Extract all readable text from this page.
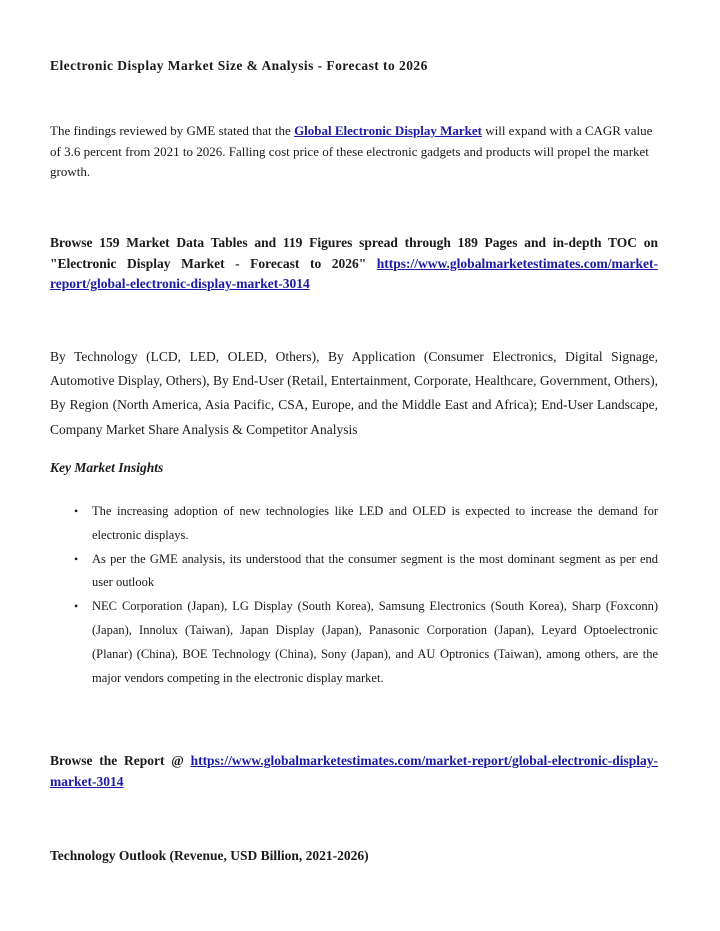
Electronic Display Market Size & Analysis - Forecast to 2026

The findings reviewed by GME stated that the Global Electronic Display Market will expand with a CAGR value of 3.6 percent from 2021 to 2026. Falling cost price of these electronic gadgets and products will propel the market growth.

Browse 159 Market Data Tables and 119 Figures spread through 189 Pages and in-depth TOC on "Electronic Display Market - Forecast to 2026" https://www.globalmarketestimates.com/market-report/global-electronic-display-market-3014

By Technology (LCD, LED, OLED, Others), By Application (Consumer Electronics, Digital Signage, Automotive Display, Others), By End-User (Retail, Entertainment, Corporate, Healthcare, Government, Others), By Region (North America, Asia Pacific, CSA, Europe, and the Middle East and Africa); End-User Landscape, Company Market Share Analysis & Competitor Analysis

Key Market Insights

• The increasing adoption of new technologies like LED and OLED is expected to increase the demand for electronic displays.
• As per the GME analysis, its understood that the consumer segment is the most dominant segment as per end user outlook
• NEC Corporation (Japan), LG Display (South Korea), Samsung Electronics (South Korea), Sharp (Foxconn) (Japan), Innolux (Taiwan), Japan Display (Japan), Panasonic Corporation (Japan), Leyard Optoelectronic (Planar) (China), BOE Technology (China), Sony (Japan), and AU Optronics (Taiwan), among others, are the major vendors competing in the electronic display market.

Browse the Report @ https://www.globalmarketestimates.com/market-report/global-electronic-display-market-3014

Technology Outlook (Revenue, USD Billion, 2021-2026)
